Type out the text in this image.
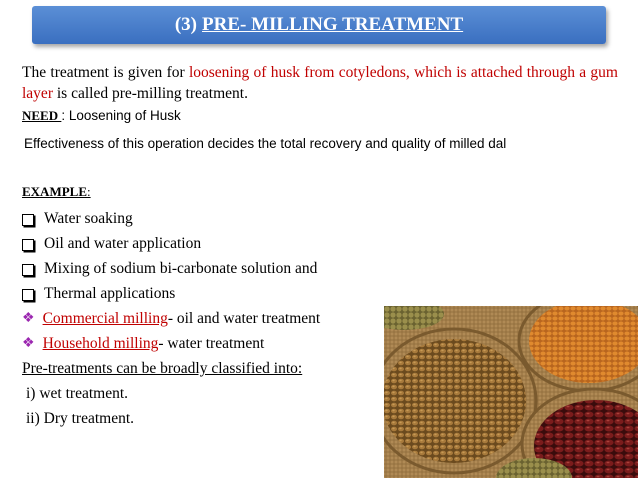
(3) PRE- MILLING TREATMENT
The treatment is given for loosening of husk from cotyledons, which is attached through a gum layer is called pre-milling treatment.
NEED : Loosening of Husk
Effectiveness of this operation decides the total recovery and quality of milled dal
EXAMPLE:
Water soaking
Oil and water application
Mixing of sodium bi-carbonate solution and
Thermal applications
❖ Commercial milling - oil and water treatment
❖ Household milling - water treatment
Pre-treatments can be broadly classified into:
i) wet treatment.
ii) Dry treatment.
